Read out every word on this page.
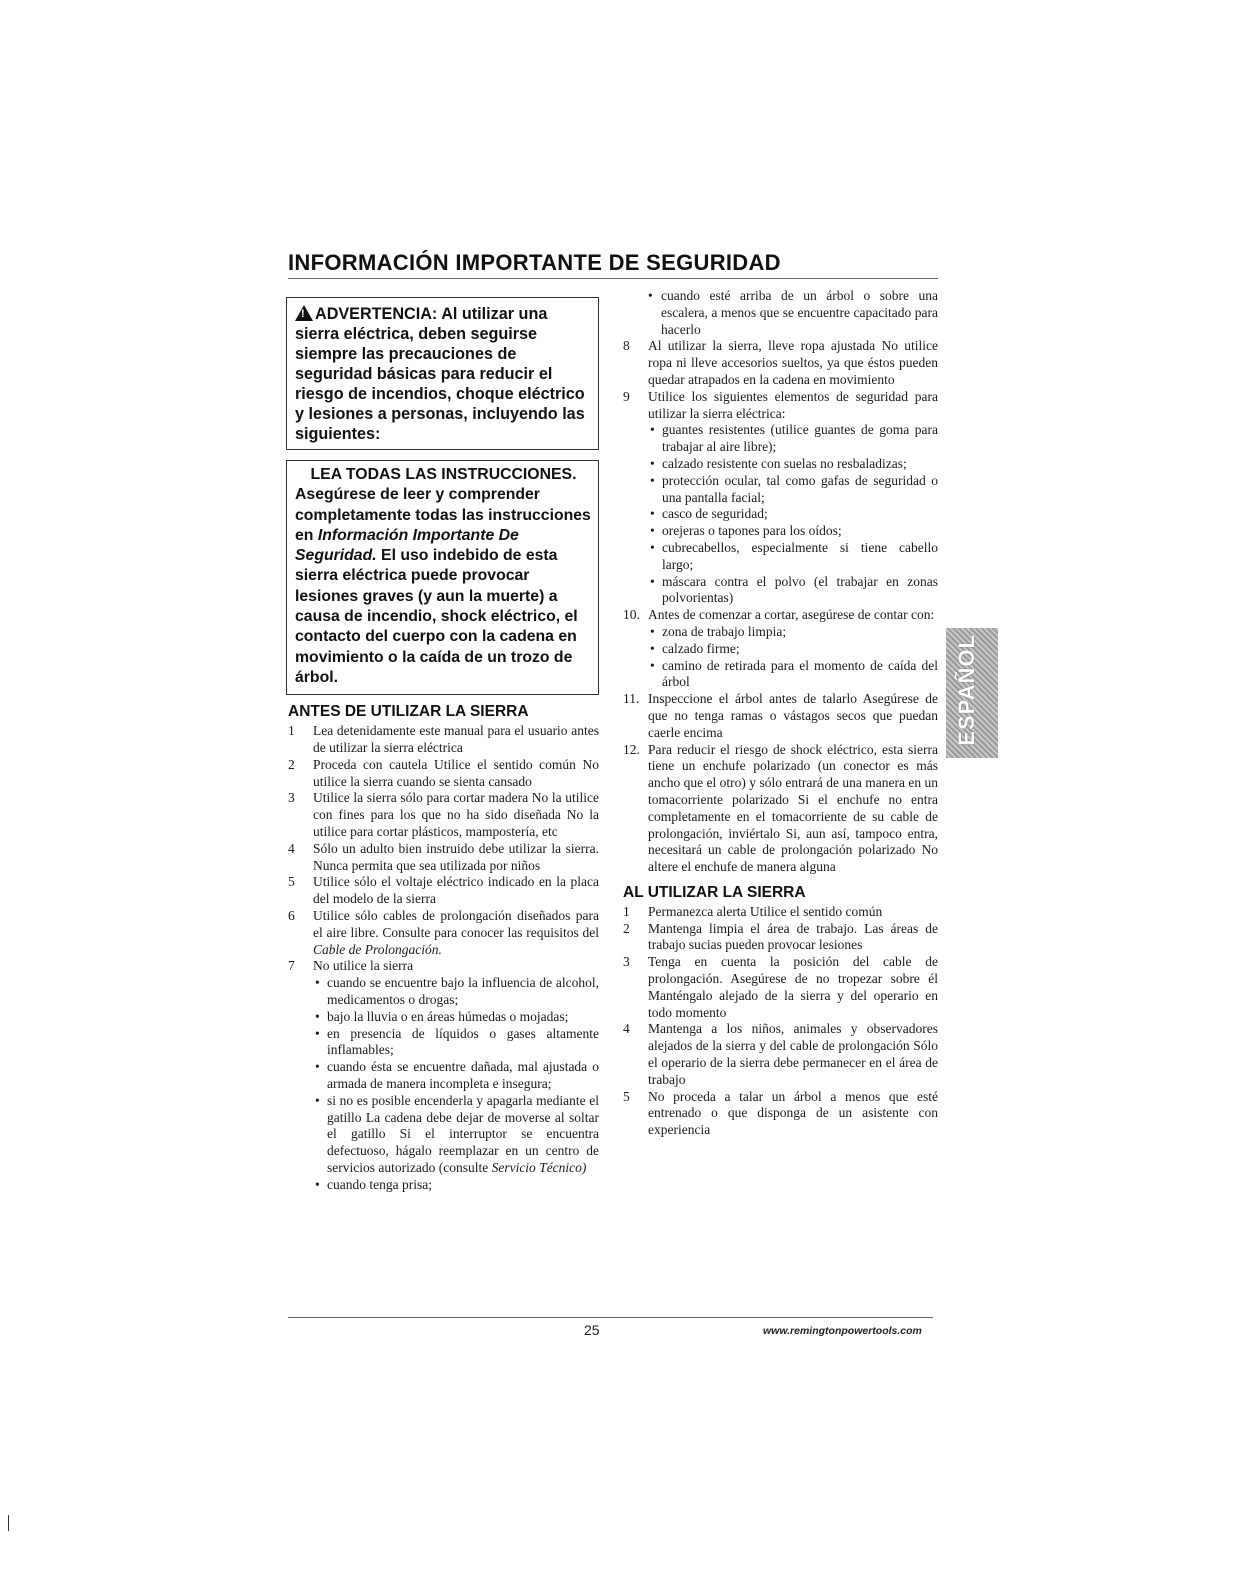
INFORMACIÓN IMPORTANTE DE SEGURIDAD
!ADVERTENCIA: Al utilizar una sierra eléctrica, deben seguirse siempre las precauciones de seguridad básicas para reducir el riesgo de incendios, choque eléctrico y lesiones a personas, incluyendo las siguientes:
LEA TODAS LAS INSTRUCCIONES.
Asegúrese de leer y comprender completamente todas las instrucciones en Información Importante De Seguridad. El uso indebido de esta sierra eléctrica puede provocar lesiones graves (y aun la muerte) a causa de incendio, shock eléctrico, el contacto del cuerpo con la cadena en movimiento o la caída de un trozo de árbol.
ANTES DE UTILIZAR LA SIERRA
1 Lea detenidamente este manual para el usuario antes de utilizar la sierra eléctrica
2 Proceda con cautela Utilice el sentido común No utilice la sierra cuando se sienta cansado
3 Utilice la sierra sólo para cortar madera No la utilice con fines para los que no ha sido diseñada No la utilice para cortar plásticos, mampostería, etc
4 Sólo un adulto bien instruido debe utilizar la sierra. Nunca permita que sea utilizada por niños
5 Utilice sólo el voltaje eléctrico indicado en la placa del modelo de la sierra
6 Utilice sólo cables de prolongación diseñados para el aire libre. Consulte para conocer las requisitos del Cable de Prolongación.
7 No utilice la sierra
• cuando se encuentre bajo la influencia de alcohol, medicamentos o drogas;
• bajo la lluvia o en áreas húmedas o mojadas;
• en presencia de líquidos o gases altamente inflamables;
• cuando ésta se encuentre dañada, mal ajustada o armada de manera incompleta e insegura;
• si no es posible encenderla y apagarla mediante el gatillo La cadena debe dejar de moverse al soltar el gatillo Si el interruptor se encuentra defectuoso, hágalo reemplazar en un centro de servicios autorizado (consulte Servicio Técnico)
• cuando tenga prisa;
• cuando esté arriba de un árbol o sobre una escalera, a menos que se encuentre capacitado para hacerlo
8 Al utilizar la sierra, lleve ropa ajustada No utilice ropa ni lleve accesorios sueltos, ya que éstos pueden quedar atrapados en la cadena en movimiento
9 Utilice los siguientes elementos de seguridad para utilizar la sierra eléctrica:
• guantes resistentes (utilice guantes de goma para trabajar al aire libre);
• calzado resistente con suelas no resbaladizas;
• protección ocular, tal como gafas de seguridad o una pantalla facial;
• casco de seguridad;
• orejeras o tapones para los oídos;
• cubrecabellos, especialmente si tiene cabello largo;
• máscara contra el polvo (el trabajar en zonas polvorientas)
10. Antes de comenzar a cortar, asegúrese de contar con:
• zona de trabajo limpia;
• calzado firme;
• camino de retirada para el momento de caída del árbol
11. Inspeccione el árbol antes de talarlo Asegúrese de que no tenga ramas o vástagos secos que puedan caerle encima
12. Para reducir el riesgo de shock eléctrico, esta sierra tiene un enchufe polarizado (un conector es más ancho que el otro) y sólo entrará de una manera en un tomacorriente polarizado Si el enchufe no entra completamente en el tomacorriente de su cable de prolongación, inviértalo Si, aun así, tampoco entra, necesitará un cable de prolongación polarizado No altere el enchufe de manera alguna
AL UTILIZAR LA SIERRA
1 Permanezca alerta Utilice el sentido común
2 Mantenga limpia el área de trabajo. Las áreas de trabajo sucias pueden provocar lesiones
3 Tenga en cuenta la posición del cable de prolongación. Asegúrese de no tropezar sobre él Manténgalo alejado de la sierra y del operario en todo momento
4 Mantenga a los niños, animales y observadores alejados de la sierra y del cable de prolongación Sólo el operario de la sierra debe permanecer en el área de trabajo
5 No proceda a talar un árbol a menos que esté entrenado o que disponga de un asistente con experiencia
ESPAÑOL
25	www.remingtonpowertools.com
